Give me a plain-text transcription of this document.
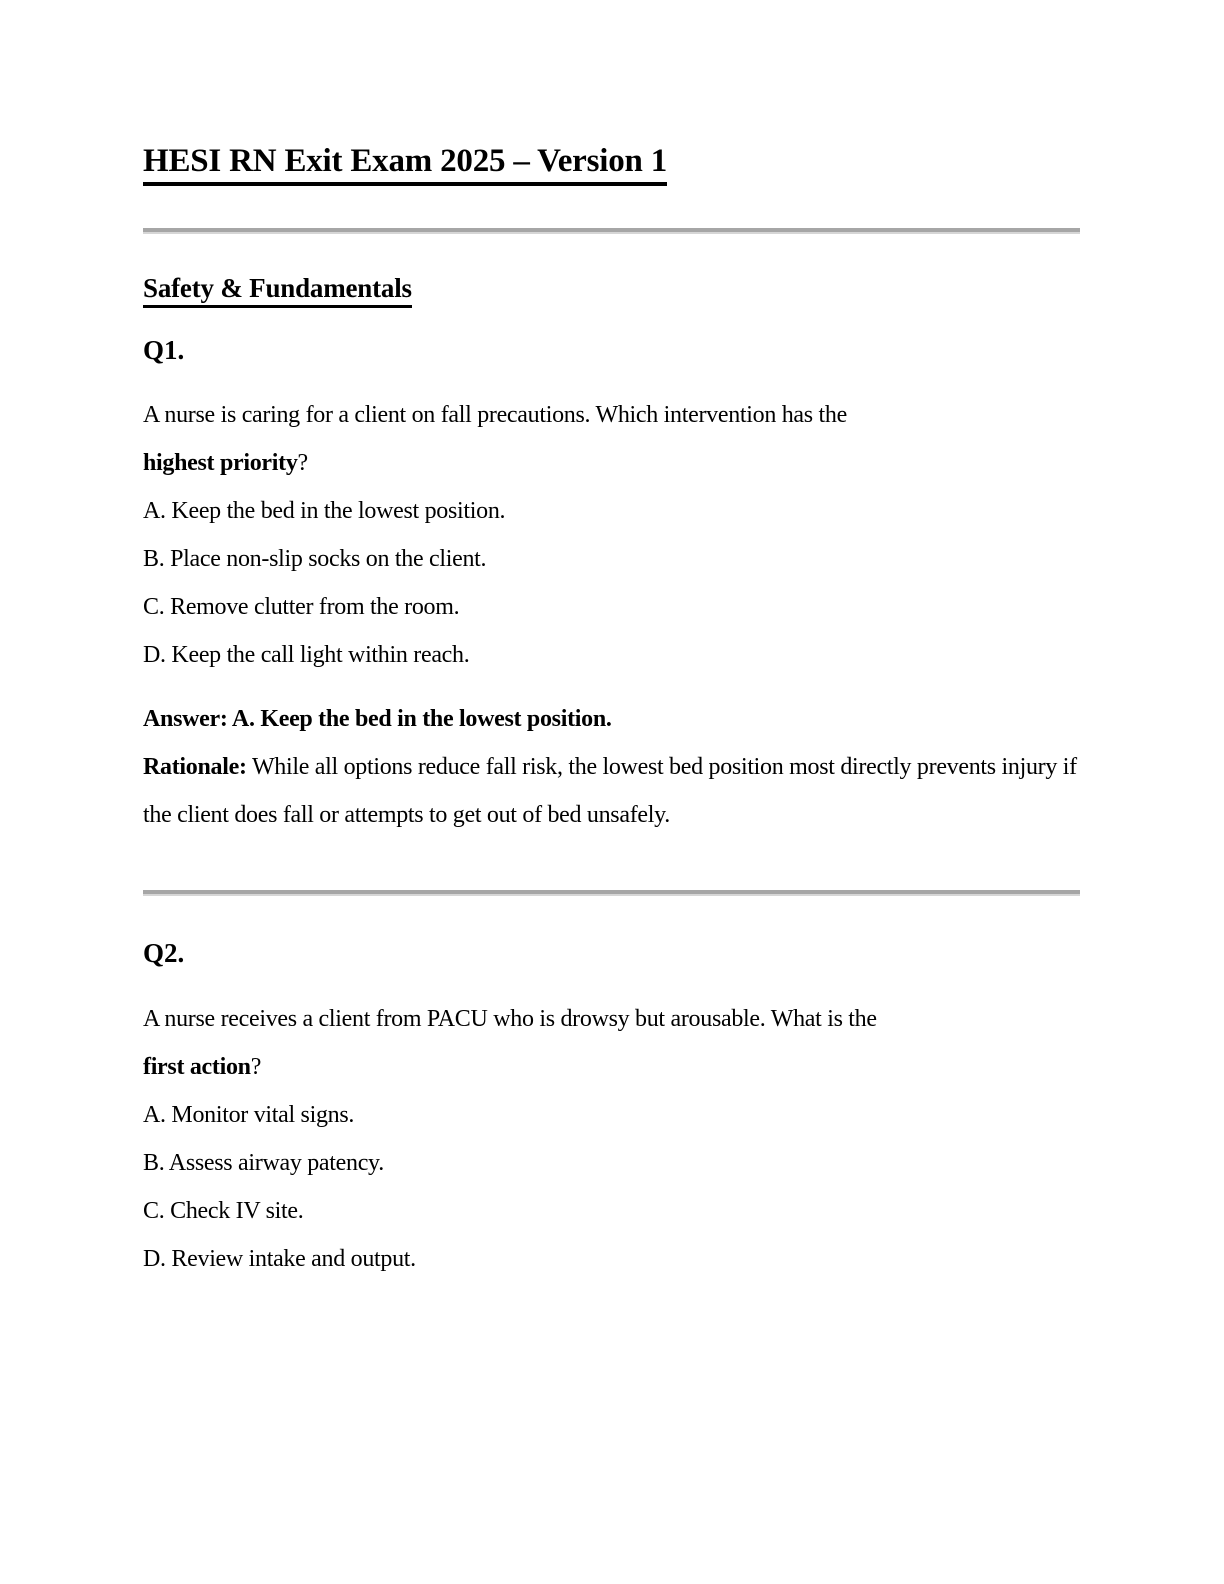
HESI RN Exit Exam 2025 – Version 1
Safety & Fundamentals
Q1.

A nurse is caring for a client on fall precautions. Which intervention has the
highest priority?

A. Keep the bed in the lowest position.

B. Place non-slip socks on the client.

C. Remove clutter from the room.

D. Keep the call light within reach.

Answer: A. Keep the bed in the lowest position.

Rationale: While all options reduce fall risk, the lowest bed position most directly prevents injury if the client does fall or attempts to get out of bed unsafely.

Q2.

A nurse receives a client from PACU who is drowsy but arousable. What is the
first action?

A. Monitor vital signs.

B. Assess airway patency.

C. Check IV site.

D. Review intake and output.
